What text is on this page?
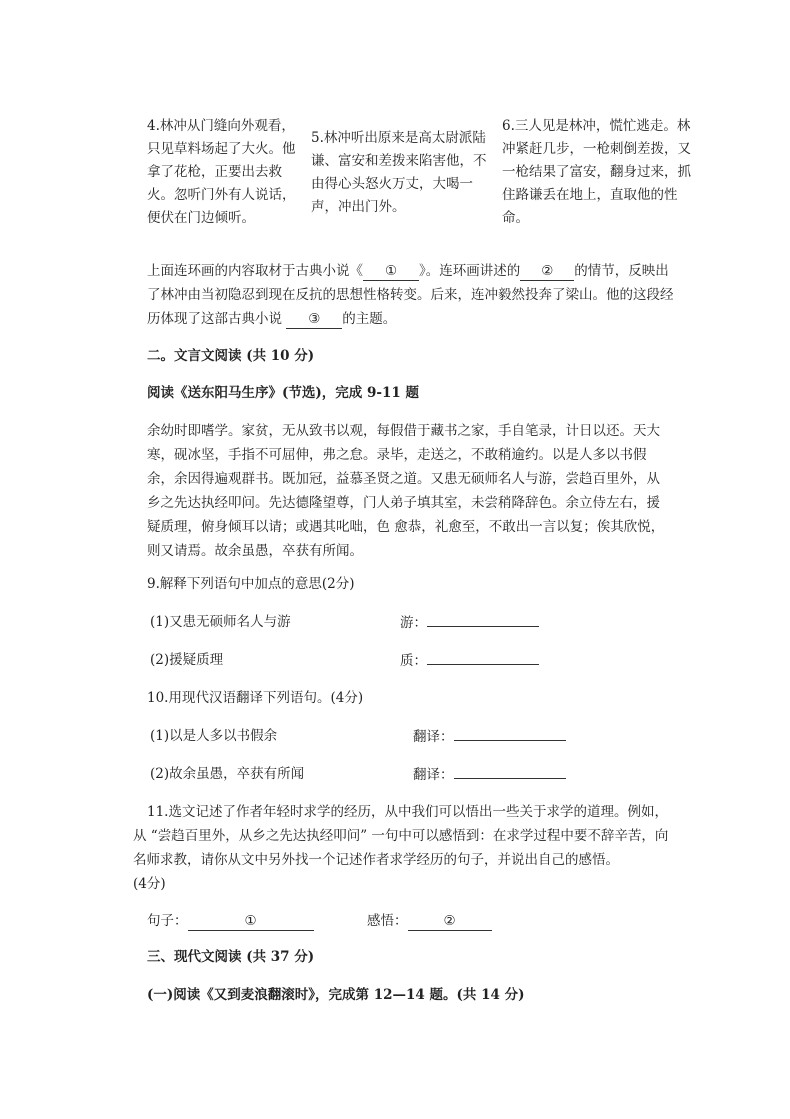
4.林冲从门缝向外观看，只见草料场起了大火。他拿了花枪，正要出去救火。忽听门外有人说话，便伏在门边倾听。
5.林冲听出原来是高太尉派陆谦、富安和差拨来陷害他，不由得心头怒火万丈，大喝一声，冲出门外。
6.三人见是林冲，慌忙逃走。林冲紧赶几步，一枪刺倒差拨，又一枪结果了富安，翻身过来，抓住路谦丢在地上，直取他的性命。
上面连环画的内容取材于古典小说《 ① 》。连环画讲述的 ② 的情节，反映出了林冲由当初隐忍到现在反抗的思想性格转变。后来，连冲毅然投奔了梁山。他的这段经历体现了这部古典小说 ③ 的主题。
二。文言文阅读 (共 10 分)
阅读《送东阳马生序》(节选)，完成 9-11 题
余幼时即嗜学。家贫，无从致书以观，每假借于藏书之家，手自笔录，计日以还。天大寒，砚冰坚，手指不可屈伸，弗之怠。录毕，走送之，不敢稍逾约。以是人多以书假余，余因得遍观群书。既加冠，益慕圣贤之道。又患无硕师名人与游，尝趋百里外，从乡之先达执经叩问。先达德隆望尊，门人弟子填其室，未尝稍降辞色。余立侍左右，援疑质理，俯身倾耳以请；或遇其叱咄，色 愈恭，礼愈至，不敢出一言以复；俟其欣悦，则又请焉。故余虽愚，卒获有所闻。
9.解释下列语句中加点的意思(2分)
(1)又患无硕师名人与游	游：
(2)援疑质理	质：
10.用现代汉语翻译下列语句。(4分)
(1)以是人多以书假余	翻译：
(2)故余虽愚，卒获有所闻	翻译：
11.选文记述了作者年轻时求学的经历，从中我们可以悟出一些关于求学的道理。例如，从 “尝趋百里外，从乡之先达执经叩问” 一句中可以感悟到：在求学过程中要不辞辛苦，向名师求教，请你从文中另外找一个记述作者求学经历的句子，并说出自己的感悟。
(4分)
句子：	①	感悟：	②
三、现代文阅读 (共 37 分)
(一)阅读《又到麦浪翻滚时》，完成第 12—14 题。(共 14 分)
